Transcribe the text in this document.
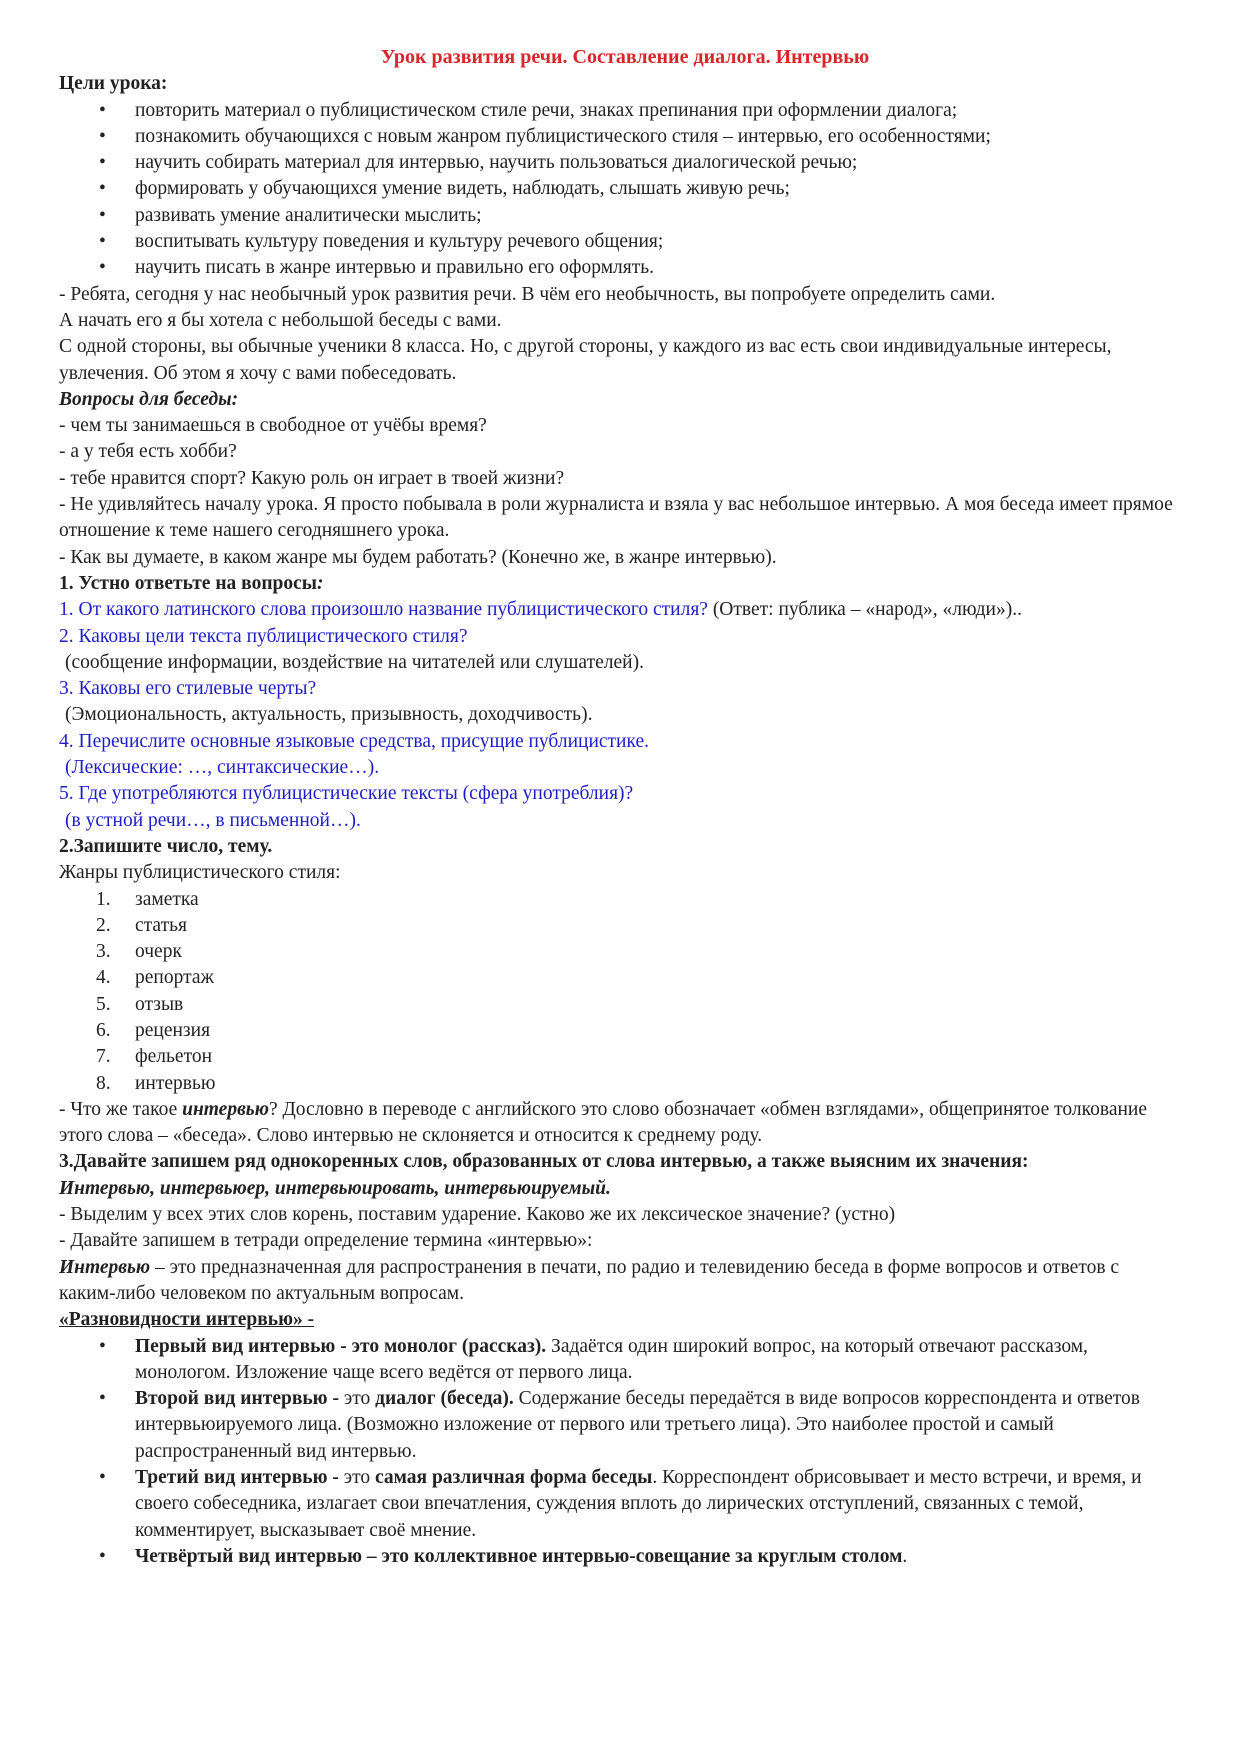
Урок развития речи. Составление диалога. Интервью

Цели урока:

• повторить материал о публицистическом стиле речи, знаках препинания при оформлении диалога;
• познакомить обучающихся с новым жанром публицистического стиля – интервью, его особенностями;
• научить собирать материал для интервью, научить пользоваться диалогической речью;
• формировать у обучающихся умение видеть, наблюдать, слышать живую речь;
• развивать умение аналитически мыслить;
• воспитывать культуру поведения и культуру речевого общения;
• научить писать в жанре интервью и правильно его оформлять.

- Ребята, сегодня у нас необычный урок развития речи. В чём его необычность, вы попробуете определить сами.

А начать его я бы хотела с небольшой беседы с вами.

С одной стороны, вы обычные ученики 8 класса. Но, с другой стороны, у каждого из вас есть свои индивидуальные интересы, увлечения. Об этом я хочу с вами побеседовать.

Вопросы для беседы:

- чем ты занимаешься в свободное от учёбы время?

- а у тебя есть хобби?

- тебе нравится спорт? Какую роль он играет в твоей жизни?

- Не удивляйтесь началу урока. Я просто побывала в роли журналиста и взяла у вас небольшое интервью. А моя беседа имеет прямое отношение к теме нашего сегодняшнего урока.

- Как вы думаете, в каком жанре мы будем работать? (Конечно же, в жанре интервью).

1. Устно ответьте на вопросы:

1. От какого латинского слова произошло название публицистического стиля? (Ответ: публика – «народ», «люди»)..

2. Каковы цели текста публицистического стиля?

(сообщение информации, воздействие на читателей или слушателей).

3. Каковы его стилевые черты?

(Эмоциональность, актуальность, призывность, доходчивость).

4. Перечислите основные языковые средства, присущие публицистике.

(Лексические: …, синтаксические…).

5. Где употребляются публицистические тексты (сфера употреблия)?

(в устной речи…, в письменной…).

2.Запишите число, тему.

Жанры публицистического стиля:

1.	заметка
2.	статья
3.	очерк
4.	репортаж
5.	отзыв
6.	рецензия
7.	фельетон
8.	интервью

- Что же такое интервью? Дословно в переводе с английского это слово обозначает «обмен взглядами», общепринятое толкование этого слова – «беседа». Слово интервью не склоняется и относится к среднему роду.

3.Давайте запишем ряд однокоренных слов, образованных от слова интервью, а также выясним их значения:

Интервью, интервьюер, интервьюировать, интервьюируемый.

- Выделим у всех этих слов корень, поставим ударение. Каково же их лексическое значение? (устно)

- Давайте запишем в тетради определение термина «интервью»:

Интервью – это предназначенная для распространения в печати, по радио и телевидению беседа в форме вопросов и ответов с каким-либо человеком по актуальным вопросам.

«Разновидности интервью» -

• Первый вид интервью - это монолог (рассказ). Задаётся один широкий вопрос, на который отвечают рассказом, монологом. Изложение чаще всего ведётся от первого лица.
• Второй вид интервью - это диалог (беседа). Содержание беседы передаётся в виде вопросов корреспондента и ответов интервьюируемого лица. (Возможно изложение от первого или третьего лица). Это наиболее простой и самый распространенный вид интервью.
• Третий вид интервью - это самая различная форма беседы. Корреспондент обрисовывает и место встречи, и время, и своего собеседника, излагает свои впечатления, суждения вплоть до лирических отступлений, связанных с темой, комментирует, высказывает своё мнение.
• Четвёртый вид интервью – это коллективное интервью-совещание за круглым столом.
